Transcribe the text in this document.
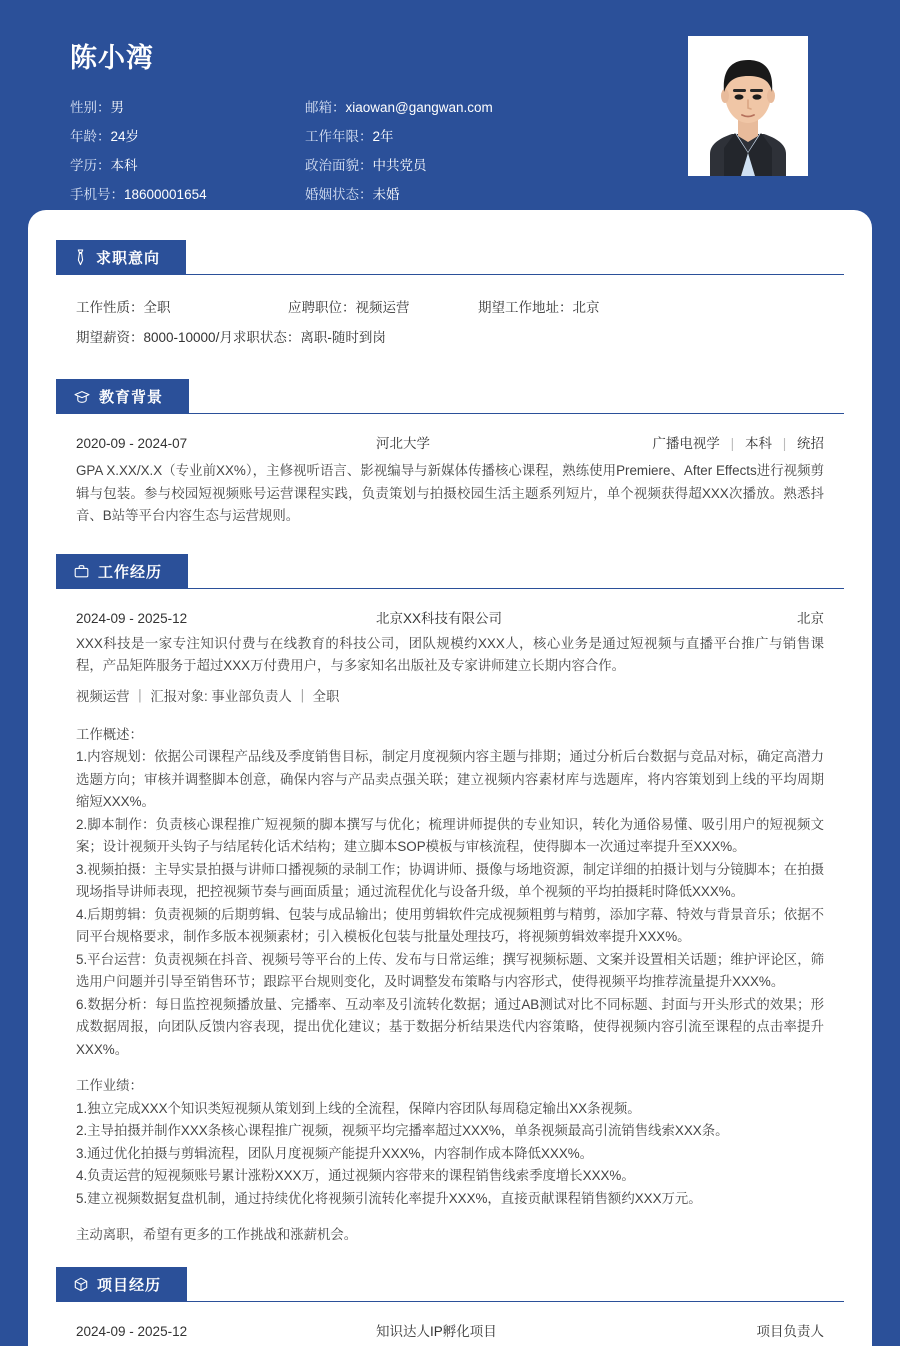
陈小湾
性别：男
年龄：24岁
学历：本科
手机号：18600001654
邮箱：xiaowan@gangwan.com
工作年限：2年
政治面貌：中共党员
婚姻状态：未婚
求职意向
工作性质：全职	应聘职位：视频运营	期望工作地址：北京
期望薪资：8000-10000/月 求职状态：离职-随时到岗
教育背景
2020-09 - 2024-07	河北大学	广播电视学 | 本科 | 统招
GPA X.XX/X.X（专业前XX%），主修视听语言、影视编导与新媒体传播核心课程，熟练使用Premiere、After Effects进行视频剪辑与包装。参与校园短视频账号运营课程实践，负责策划与拍摄校园生活主题系列短片，单个视频获得超XXX次播放。熟悉抖音、B站等平台内容生态与运营规则。
工作经历
2024-09 - 2025-12	北京XX科技有限公司	北京
XXX科技是一家专注知识付费与在线教育的科技公司，团队规模约XXX人，核心业务是通过短视频与直播平台推广与销售课程，产品矩阵服务于超过XXX万付费用户，与多家知名出版社及专家讲师建立长期内容合作。
视频运营 ｜ 汇报对象: 事业部负责人 ｜ 全职
工作概述：

1.内容规划：依据公司课程产品线及季度销售目标，制定月度视频内容主题与排期；通过分析后台数据与竞品对标，确定高潜力选题方向；审核并调整脚本创意，确保内容与产品卖点强关联；建立视频内容素材库与选题库，将内容策划到上线的平均周期缩短XXX%。

2.脚本制作：负责核心课程推广短视频的脚本撰写与优化；梳理讲师提供的专业知识，转化为通俗易懂、吸引用户的短视频文案；设计视频开头钩子与结尾转化话术结构；建立脚本SOP模板与审核流程，使得脚本一次通过率提升至XXX%。

3.视频拍摄：主导实景拍摄与讲师口播视频的录制工作；协调讲师、摄像与场地资源，制定详细的拍摄计划与分镜脚本；在拍摄现场指导讲师表现，把控视频节奏与画面质量；通过流程优化与设备升级，单个视频的平均拍摄耗时降低XXX%。

4.后期剪辑：负责视频的后期剪辑、包装与成品输出；使用剪辑软件完成视频粗剪与精剪，添加字幕、特效与背景音乐；依据不同平台规格要求，制作多版本视频素材；引入模板化包装与批量处理技巧，将视频剪辑效率提升XXX%。

5.平台运营：负责视频在抖音、视频号等平台的上传、发布与日常运维；撰写视频标题、文案并设置相关话题；维护评论区，筛选用户问题并引导至销售环节；跟踪平台规则变化，及时调整发布策略与内容形式，使得视频平均推荐流量提升XXX%。

6.数据分析：每日监控视频播放量、完播率、互动率及引流转化数据；通过AB测试对比不同标题、封面与开头形式的效果；形成数据周报，向团队反馈内容表现，提出优化建议；基于数据分析结果迭代内容策略，使得视频内容引流至课程的点击率提升XXX%。

工作业绩：

1.独立完成XXX个知识类短视频从策划到上线的全流程，保障内容团队每周稳定输出XX条视频。

2.主导拍摄并制作XXX条核心课程推广视频，视频平均完播率超过XXX%，单条视频最高引流销售线索XXX条。

3.通过优化拍摄与剪辑流程，团队月度视频产能提升XXX%，内容制作成本降低XXX%。

4.负责运营的短视频账号累计涨粉XXX万，通过视频内容带来的课程销售线索季度增长XXX%。

5.建立视频数据复盘机制，通过持续优化将视频引流转化率提升XXX%，直接贡献课程销售额约XXX万元。

主动离职，希望有更多的工作挑战和涨薪机会。
项目经历
2024-09 - 2025-12	知识达人IP孵化项目	项目负责人
